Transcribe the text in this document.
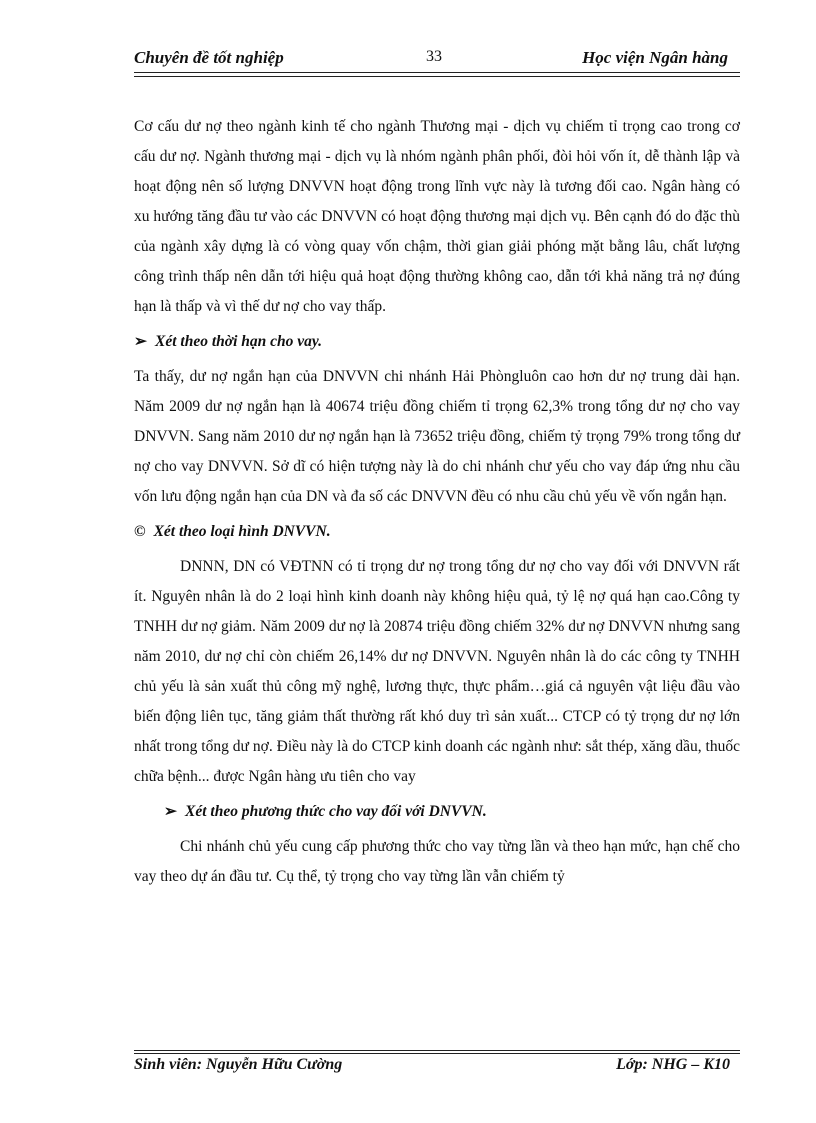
Chuyên đề tốt nghiệp	33	Học viện Ngân hàng

Cơ cấu dư nợ theo ngành kinh tế cho ngành Thương mại - dịch vụ chiếm tỉ trọng cao trong cơ cấu dư nợ. Ngành thương mại - dịch vụ là nhóm ngành phân phối, đòi hỏi vốn ít, dễ thành lập và hoạt động nên số lượng DNVVN hoạt động trong lĩnh vực này là tương đối cao. Ngân hàng có xu hướng tăng đầu tư vào các DNVVN có hoạt động thương mại dịch vụ. Bên cạnh đó do đặc thù của ngành xây dựng là có vòng quay vốn chậm, thời gian giải phóng mặt bằng lâu, chất lượng công trình thấp nên dẫn tới hiệu quả hoạt động thường không cao, dẫn tới khả năng trả nợ đúng hạn là thấp và vì thế dư nợ cho vay thấp.

➢ Xét theo thời hạn cho vay.

Ta thấy, dư nợ ngắn hạn của DNVVN chi nhánh Hải Phòngluôn cao hơn dư nợ trung dài hạn. Năm 2009 dư nợ ngắn hạn là 40674 triệu đồng chiếm tỉ trọng 62,3% trong tổng dư nợ cho vay DNVVN. Sang năm 2010 dư nợ ngắn hạn là 73652 triệu đồng, chiếm tỷ trọng 79% trong tổng dư nợ cho vay DNVVN. Sở dĩ có hiện tượng này là do chi nhánh chư yếu cho vay đáp ứng nhu cầu vốn lưu động ngắn hạn của DN và đa số các DNVVN đều có nhu cầu chủ yếu về vốn ngắn hạn.

© Xét theo loại hình DNVVN.

DNNN, DN có VĐTNN có tỉ trọng dư nợ trong tổng dư nợ cho vay đối với DNVVN rất ít. Nguyên nhân là do 2 loại hình kinh doanh này không hiệu quả, tỷ lệ nợ quá hạn cao.Công ty TNHH dư nợ giảm. Năm 2009 dư nợ là 20874 triệu đồng chiếm 32% dư nợ DNVVN nhưng sang năm 2010, dư nợ chỉ còn chiếm 26,14% dư nợ DNVVN. Nguyên nhân là do các công ty TNHH chủ yếu là sản xuất thủ công mỹ nghệ, lương thực, thực phẩm…giá cả nguyên vật liệu đầu vào biến động liên tục, tăng giảm thất thường rất khó duy trì sản xuất... CTCP có tỷ trọng dư nợ lớn nhất trong tổng dư nợ. Điều này là do CTCP kinh doanh các ngành như: sắt thép, xăng dầu, thuốc chữa bệnh... được Ngân hàng ưu tiên cho vay

➢ Xét theo phương thức cho vay đối với DNVVN.

Chi nhánh chủ yếu cung cấp phương thức cho vay từng lần và theo hạn mức, hạn chế cho vay theo dự án đầu tư. Cụ thể, tỷ trọng cho vay từng lần vẫn chiếm tỷ

Sinh viên: Nguyễn Hữu Cường	Lớp: NHG – K10
